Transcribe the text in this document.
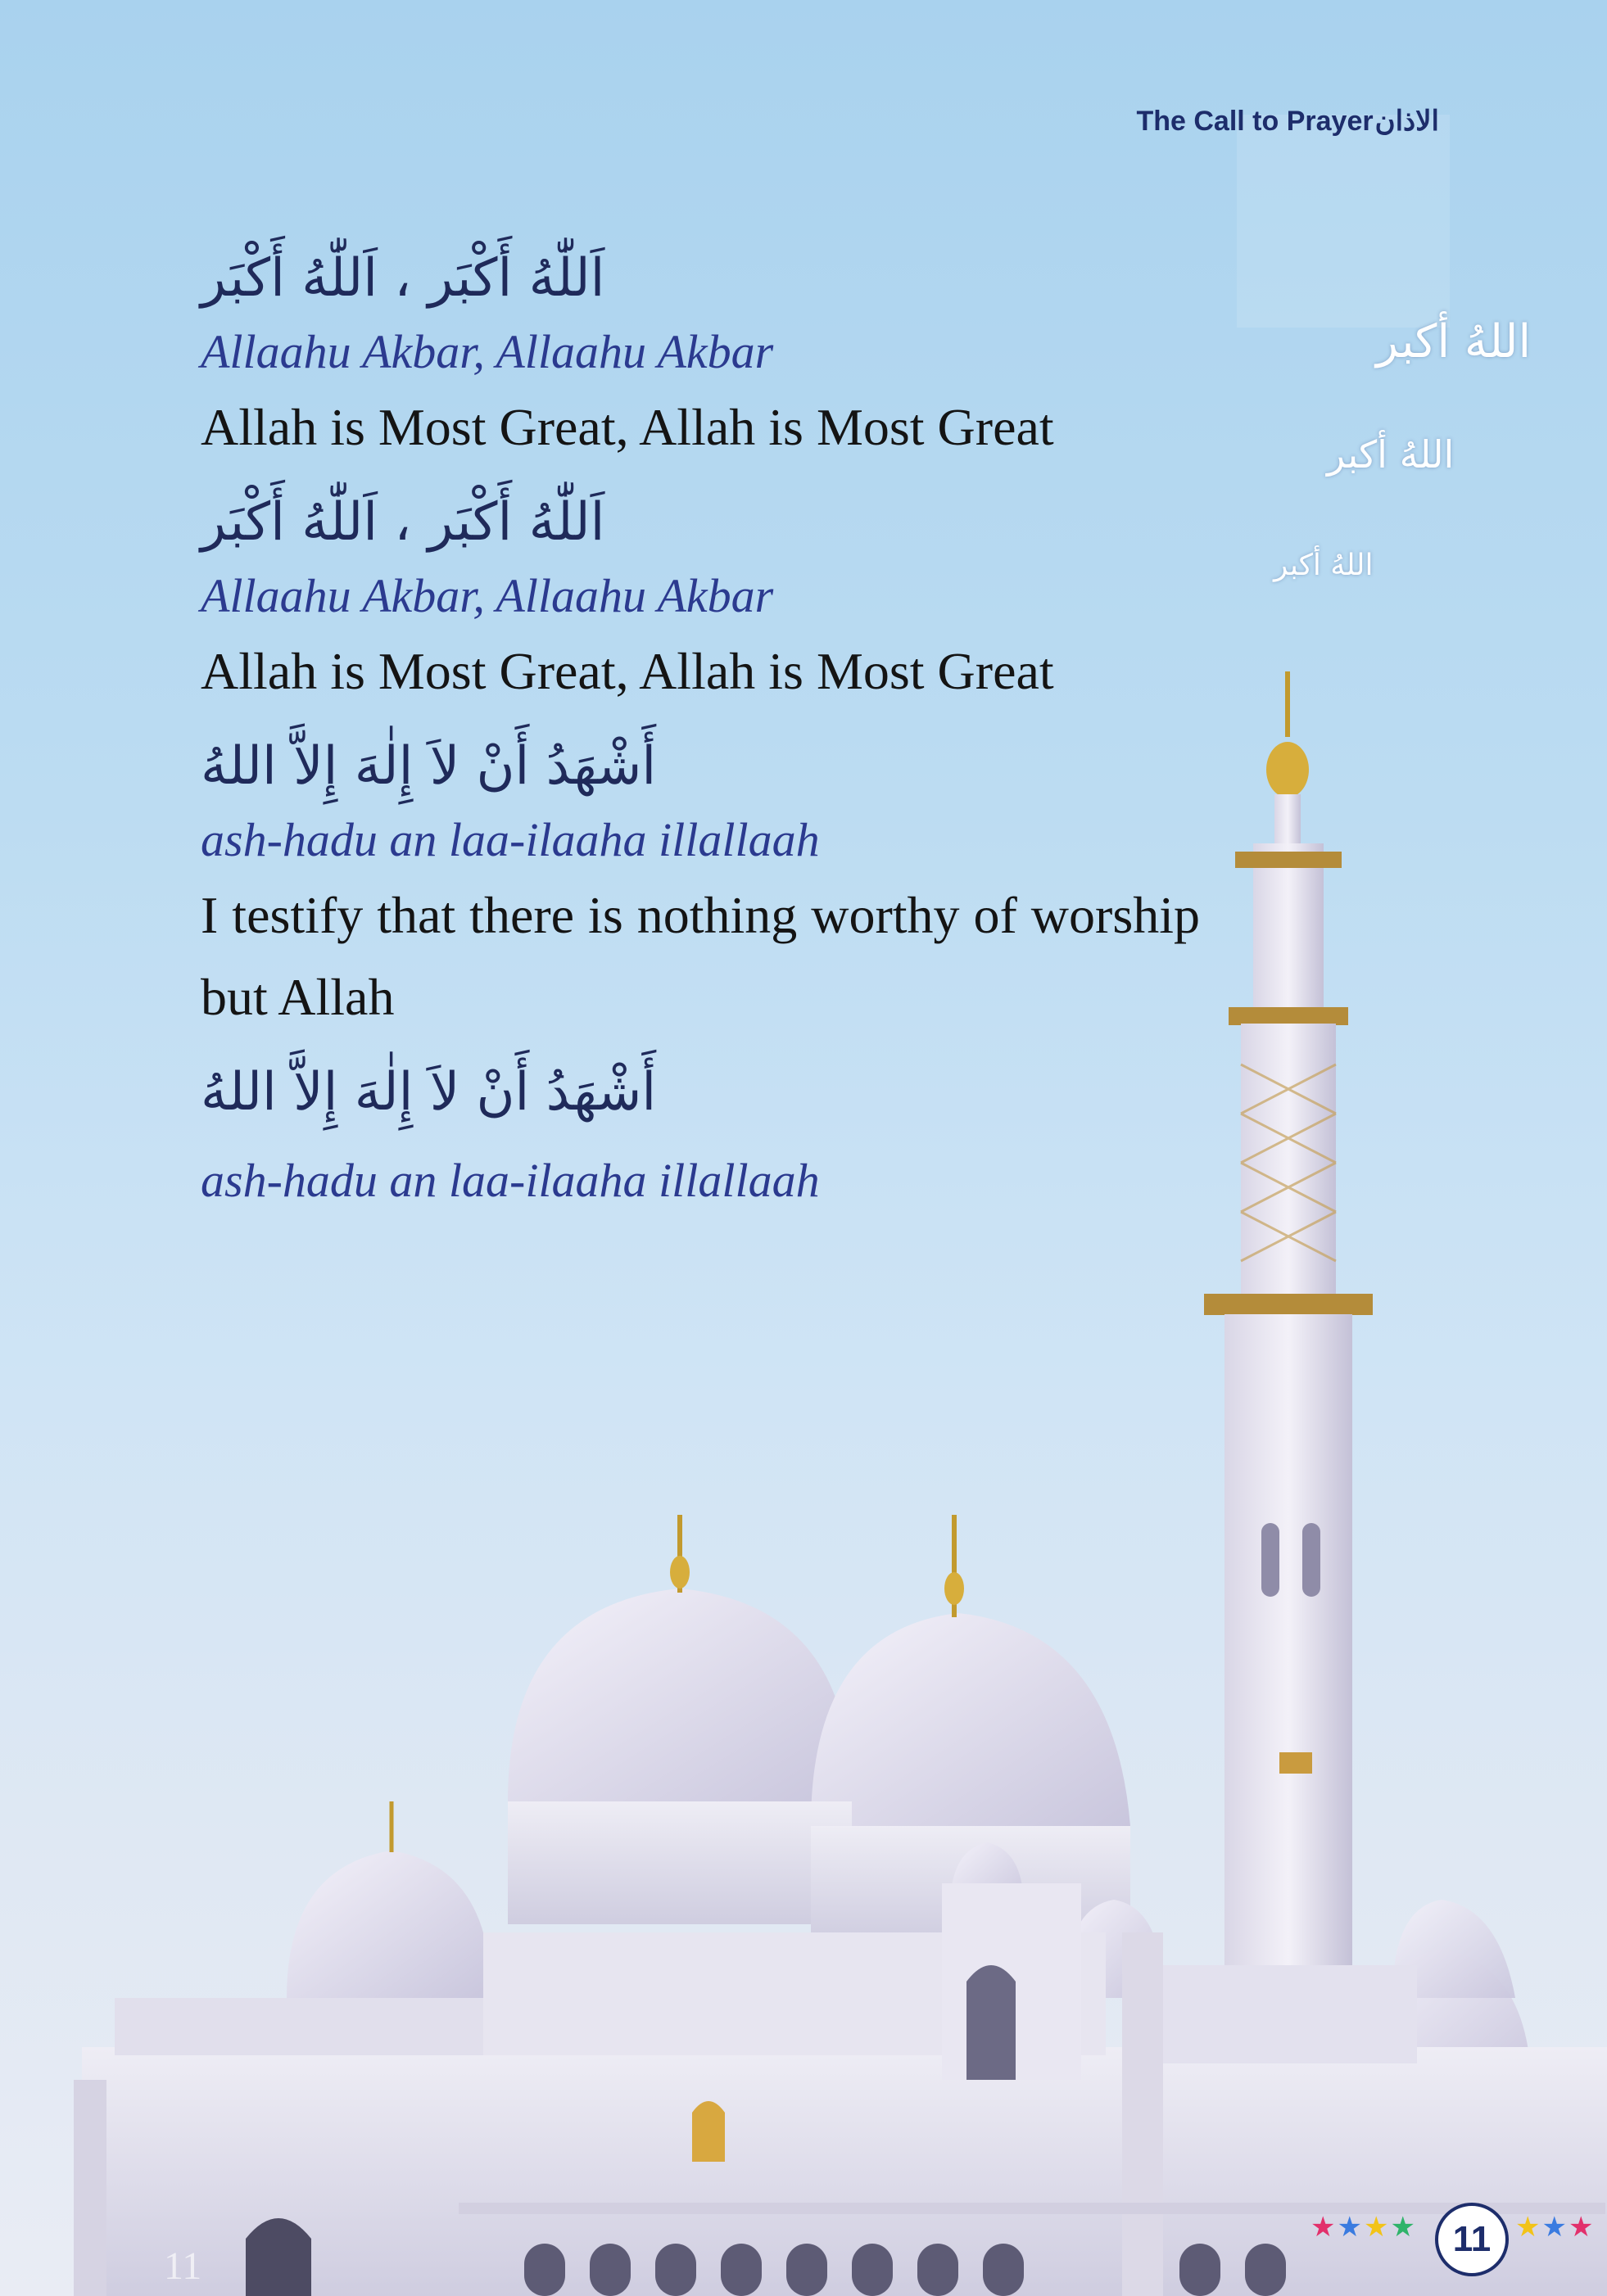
The Call to Prayerالاذان
اللهُ أكبر
اللهُ أكبر
اللهُ أكبر
اَللّٰهُ أَكْبَر ، اَللّٰهُ أَكْبَر
Allaahu Akbar, Allaahu Akbar
Allah is Most Great, Allah is Most Great
اَللّٰهُ أَكْبَر ، اَللّٰهُ أَكْبَر
Allaahu Akbar, Allaahu Akbar
Allah is Most Great, Allah is Most Great
أَشْهَدُ أَنْ لاَ إِلٰهَ إِلاَّ اللهُ
ash-hadu an laa-ilaaha illallaah
I testify that there is nothing worthy of worship but Allah
أَشْهَدُ أَنْ لاَ إِلٰهَ إِلاَّ اللهُ
ash-hadu an laa-ilaaha illallaah
11
★★★★ 11 ★★★
